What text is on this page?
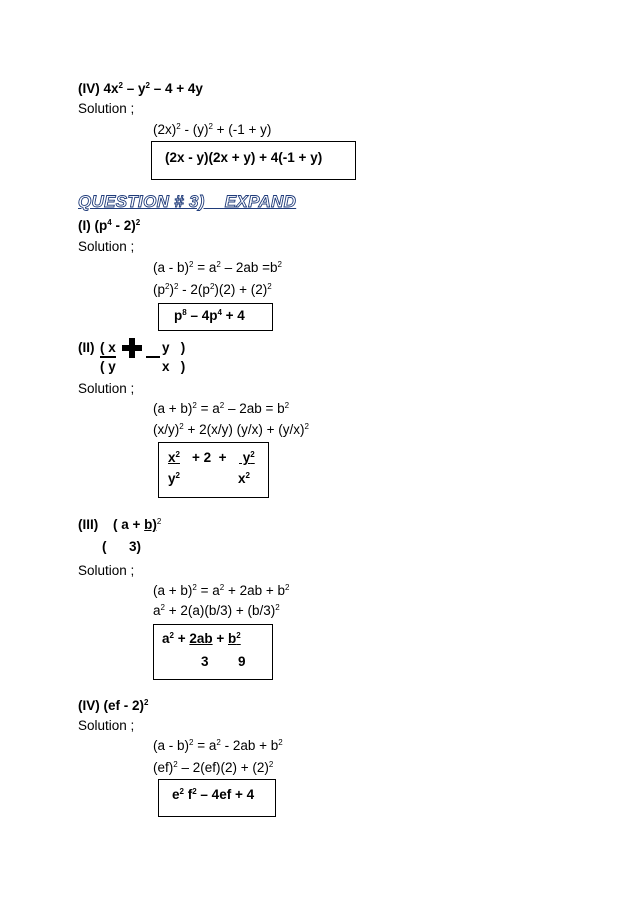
(IV) $4x^2 - y^2 - 4 + 4y$
Solution ;
$(2x)^2 - (y)^2 + (-1 + y)$
(2x - y)(2x + y) + 4(-1 + y)
QUESTION # 3)    EXPAND
(I) $(p^4 - 2)^2$
Solution ;
$(a - b)^2 = a^2 - 2ab =b^2$
$(p^2)^2 - 2(p^2)(2) + (2)^2$
$p^8 - 4p^4 + 4$
(II) ( x
( y
y   )
x   )
Solution ;
$(a + b)^2 = a^2 - 2ab = b^2$
$(x/y)^2 + 2(x/y) (y/x) + (y/x)^2$
$x^2 + 2 + y^2$
$y^2$	$x^2$
(III) ( a + b)$^2$
(      3)
Solution ;
$(a + b)^2 = a^2 + 2ab + b^2$
$a^2 + 2(a)(b/3) + (b/3)^2$
$a^2 + 2ab + b^2$
3 9
(IV) (ef - 2)$^2$
Solution ;
$(a - b)^2 = a^2 - 2ab + b^2$
$(ef)^2 - 2(ef)(2) + (2)^2$
$e^2$ $f^2 - 4ef + 4$
